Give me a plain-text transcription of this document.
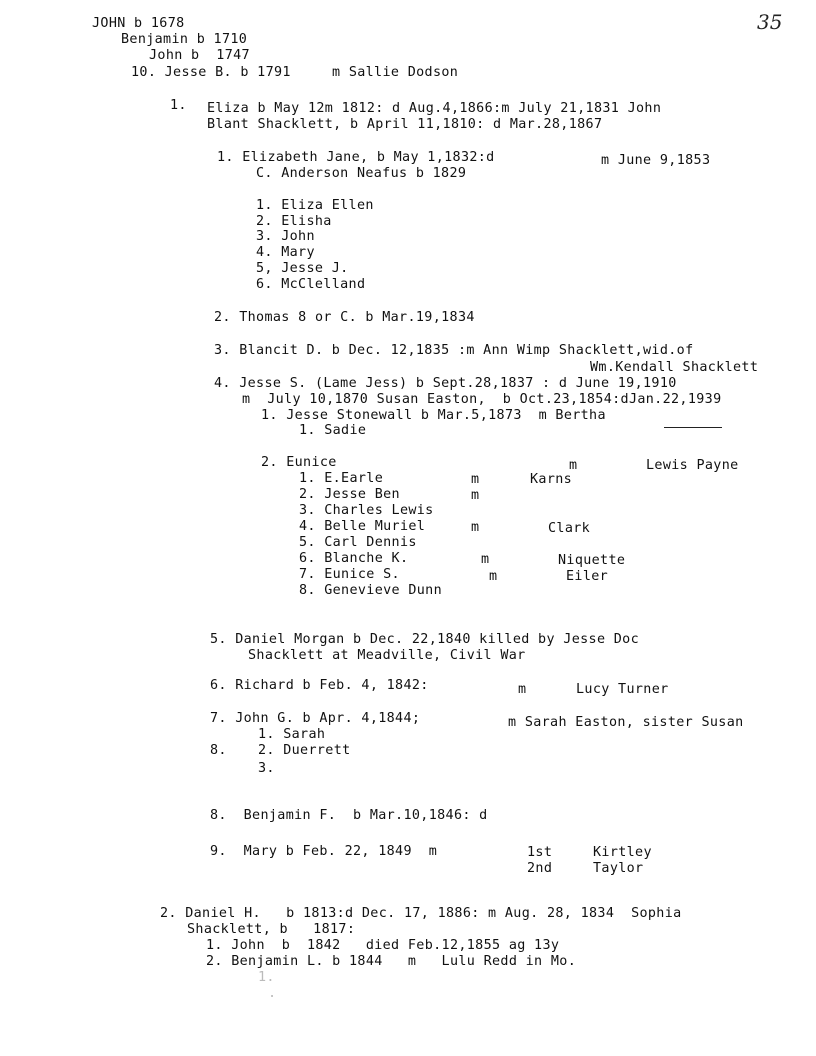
35
JOHN b 1678
Benjamin b 1710
John b  1747
10. Jesse B. b 1791	m Sallie Dodson
1. Eliza b May 12m 1812: d Aug.4,1866:m July 21,1831 John
Blant Shacklett, b April 11,1810: d Mar.28,1867
1. Elizabeth Jane, b May 1,1832:d	m June 9,1853
C. Anderson Neafus b 1829
1. Eliza Ellen
2. Elisha
3. John
4. Mary
5, Jesse J.
6. McClelland
2. Thomas 8 or C. b Mar.19,1834
3. Blancit D. b Dec. 12,1835 :m Ann Wimp Shacklett,wid.of
Wm.Kendall Shacklett
4. Jesse S. (Lame Jess) b Sept.28,1837 : d June 19,1910
m  July 10,1870 Susan Easton,  b Oct.23,1854:dJan.22,1939
1. Jesse Stonewall b Mar.5,1873  m Bertha
1. Sadie
2. Eunice	m	Lewis Payne
1. E.Earle	m	Karns
2. Jesse Ben	m
3. Charles Lewis
4. Belle Muriel	m	Clark
5. Carl Dennis
6. Blanche K.	m	Niquette
7. Eunice S.	m	Eiler
8. Genevieve Dunn
5. Daniel Morgan b Dec. 22,1840 killed by Jesse Doc
Shacklett at Meadville, Civil War
6. Richard b Feb. 4, 1842:	m	Lucy Turner
7. John G. b Apr. 4,1844;	m Sarah Easton, sister Susan
1. Sarah
8. 2. Duerrett
3.
8.  Benjamin F.  b Mar.10,1846: d
9.  Mary b Feb. 22, 1849  m	1st	Kirtley
2nd	Taylor
2. Daniel H.   b 1813:d Dec. 17, 1886: m Aug. 28, 1834  Sophia
Shacklett, b   1817:
1. John  b  1842   died Feb.12,1855 ag 13y
2. Benjamin L. b 1844   m   Lulu Redd in Mo.
1.
.
